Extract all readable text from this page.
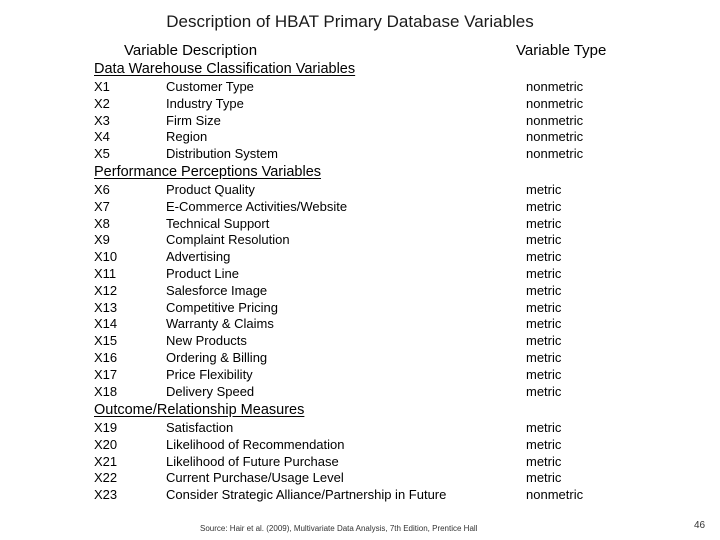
Description of HBAT Primary Database Variables
Variable Description	Variable Type
Data Warehouse Classification Variables
X1	Customer Type	nonmetric
X2	Industry Type	nonmetric
X3	Firm Size	nonmetric
X4	Region	nonmetric
X5	Distribution System	nonmetric
Performance Perceptions Variables
X6	Product Quality	metric
X7	E-Commerce Activities/Website	metric
X8	Technical Support	metric
X9	Complaint Resolution	metric
X10	Advertising	metric
X11	Product Line	metric
X12	Salesforce Image	metric
X13	Competitive Pricing	metric
X14	Warranty & Claims	metric
X15	New Products	metric
X16	Ordering & Billing	metric
X17	Price Flexibility	metric
X18	Delivery Speed	metric
Outcome/Relationship Measures
X19	Satisfaction	metric
X20	Likelihood of Recommendation	metric
X21	Likelihood of Future Purchase	metric
X22	Current Purchase/Usage Level	metric
X23	Consider Strategic Alliance/Partnership in Future	nonmetric
Source: Hair et al. (2009), Multivariate Data Analysis, 7th Edition, Prentice Hall	46
